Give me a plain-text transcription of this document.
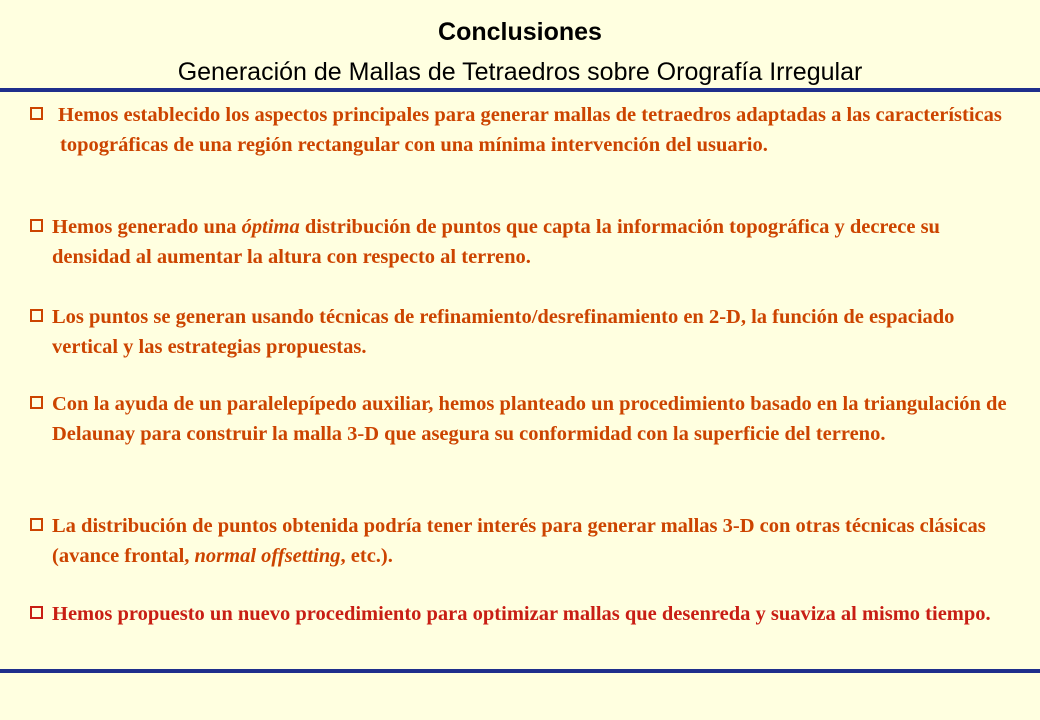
Conclusiones
Generación de Mallas de Tetraedros sobre Orografía Irregular
Hemos establecido los aspectos principales para generar mallas de tetraedros adaptadas a las características topográficas de una región rectangular con una mínima intervención del usuario.
Hemos generado una óptima distribución de puntos que capta la información topográfica y decrece su densidad al aumentar la altura con respecto al terreno.
Los puntos se generan usando técnicas de refinamiento/desrefinamiento en 2-D, la función de espaciado vertical y las estrategias propuestas.
Con la ayuda de un paralelepípedo auxiliar, hemos planteado un procedimiento basado en la triangulación de Delaunay para construir la malla 3-D que asegura su conformidad con la superficie del terreno.
La distribución de puntos obtenida podría tener interés para generar mallas 3-D con otras técnicas clásicas (avance frontal, normal offsetting, etc.).
Hemos propuesto un nuevo procedimiento para optimizar mallas que desenreda y suaviza al mismo tiempo.
